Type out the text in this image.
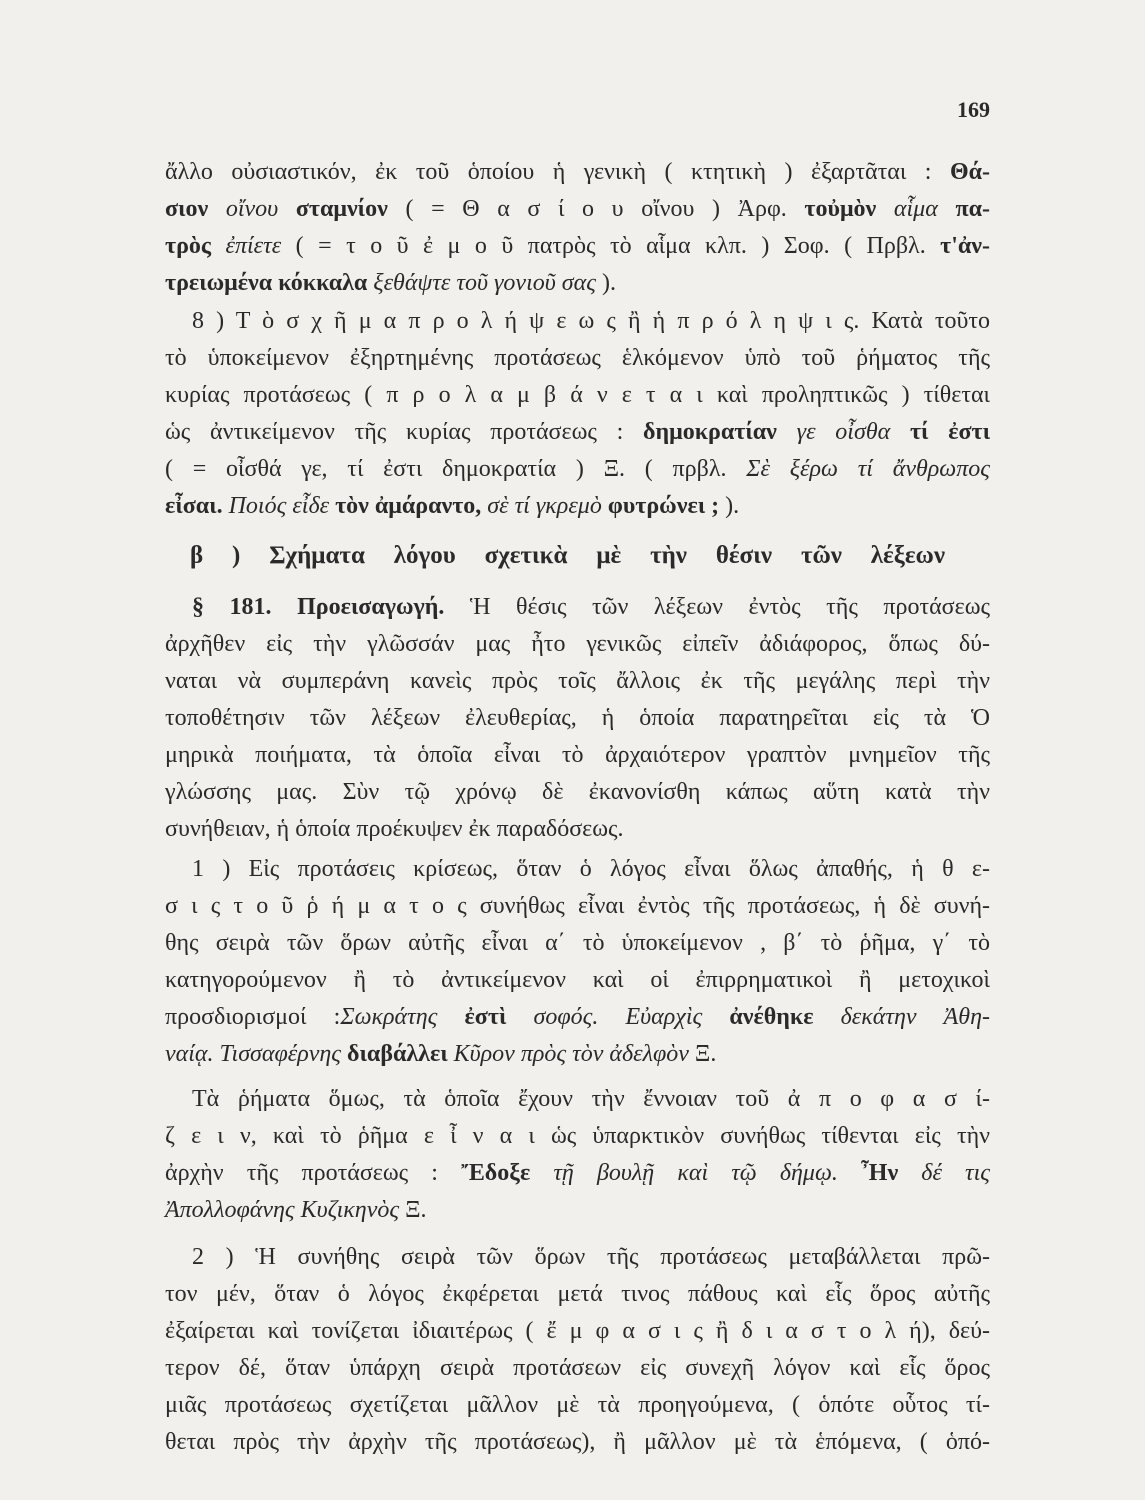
169
ἄλλο οὐσιαστικόν, ἐκ τοῦ ὁποίου ἡ γενικὴ ( κτητικὴ ) ἐξαρτᾶται : Θά-
σιον οἴνου σταμνίον ( = Θ α σ ί ο υ οἴνου ) Ἀρφ. τοὐμὸν αἷμα πα-
τρὸς ἐπίετε ( = τ ο ῦ ἐ μ ο ῦ πατρὸς τὸ αἷμα κλπ. ) Σοφ. ( Πρβλ. τ'ἀν-
τρειωμένα κόκκαλα ξεθάψτε τοῦ γονιοῦ σας ).
8 ) Τ ὸ σ χ ῆ μ α π ρ ο λ ή ψ ε ω ς ἢ ἡ π ρ ό λ η ψ ι ς. Κατὰ τοῦτο
τὸ ὑποκείμενον ἐξηρτημένης προτάσεως ἑλκόμενον ὑπὸ τοῦ ῥήματος τῆς
κυρίας προτάσεως ( π ρ ο λ α μ β ά ν ε τ α ι καὶ προληπτικῶς ) τίθεται
ὡς ἀντικείμενον τῆς κυρίας προτάσεως : δημοκρατίαν γε οἶσθα τί ἐστι
( = οἶσθά γε, τί ἐστι δημοκρατία ) Ξ. ( πρβλ. Σὲ ξέρω τί ἄνθρωπος
εἶσαι. Ποιός εἶδε τὸν ἀμάραντο, σὲ τί γκρεμὸ φυτρώνει ; ).
β ) Σχήματα λόγου σχετικὰ μὲ τὴν θέσιν τῶν λέξεων
§ 181. Προεισαγωγή. Ἡ θέσις τῶν λέξεων ἐντὸς τῆς προτάσεως
ἀρχῆθεν εἰς τὴν γλῶσσάν μας ἦτο γενικῶς εἰπεῖν ἀδιάφορος, ὅπως δύ-
ναται νὰ συμπεράνη κανεὶς πρὸς τοῖς ἄλλοις ἐκ τῆς μεγάλης περὶ τὴν
τοποθέτησιν τῶν λέξεων ἐλευθερίας, ἡ ὁποία παρατηρεῖται εἰς τὰ Ὁ
μηρικὰ ποιήματα, τὰ ὁποῖα εἶναι τὸ ἀρχαιότερον γραπτὸν μνημεῖον τῆς
γλώσσης μας. Σὺν τῷ χρόνῳ δὲ ἐκανονίσθη κάπως αὕτη κατὰ τὴν
συνήθειαν, ἡ ὁποία προέκυψεν ἐκ παραδόσεως.
1 ) Εἰς προτάσεις κρίσεως, ὅταν ὁ λόγος εἶναι ὅλως ἀπαθής, ἡ θ ε-
σ ι ς τ ο ῦ ῥ ή μ α τ ο ς συνήθως εἶναι ἐντὸς τῆς προτάσεως, ἡ δὲ συνή-
θης σειρὰ τῶν ὅρων αὐτῆς εἶναι α΄ τὸ ὑποκείμενον , β΄ τὸ ῥῆμα, γ΄ τὸ
κατηγορούμενον ἢ τὸ ἀντικείμενον καὶ οἱ ἐπιρρηματικοὶ ἢ μετοχικοὶ
προσδιορισμοί :Σωκράτης ἐστὶ σοφός. Εὐαρχὶς ἀνέθηκε δεκάτην Ἀθη-
ναίᾳ. Τισσαφέρνης διαβάλλει Κῦρον πρὸς τὸν ἀδελφὸν Ξ.
Τὰ ῥήματα ὅμως, τὰ ὁποῖα ἔχουν τὴν ἔννοιαν τοῦ ἀ π ο φ α σ ί-
ζ ε ι ν, καὶ τὸ ῥῆμα ε ἶ ν α ι ὡς ὑπαρκτικὸν συνήθως τίθενται εἰς τὴν
ἀρχὴν τῆς προτάσεως : Ἔδοξε τῇ βουλῇ καὶ τῷ δήμῳ. Ἦν δέ τις
Ἀπολλοφάνης Κυζικηνὸς Ξ.
2 ) Ἡ συνήθης σειρὰ τῶν ὅρων τῆς προτάσεως μεταβάλλεται πρῶ-
τον μέν, ὅταν ὁ λόγος ἐκφέρεται μετά τινος πάθους καὶ εἷς ὅρος αὐτῆς
ἐξαίρεται καὶ τονίζεται ἰδιαιτέρως ( ἔ μ φ α σ ι ς ἢ δ ι α σ τ ο λ ή), δεύ-
τερον δέ, ὅταν ὑπάρχη σειρὰ προτάσεων εἰς συνεχῆ λόγον καὶ εἷς ὅρος
μιᾶς προτάσεως σχετίζεται μᾶλλον μὲ τὰ προηγούμενα, ( ὁπότε οὗτος τί-
θεται πρὸς τὴν ἀρχὴν τῆς προτάσεως), ἢ μᾶλλον μὲ τὰ ἑπόμενα, ( ὁπό-
